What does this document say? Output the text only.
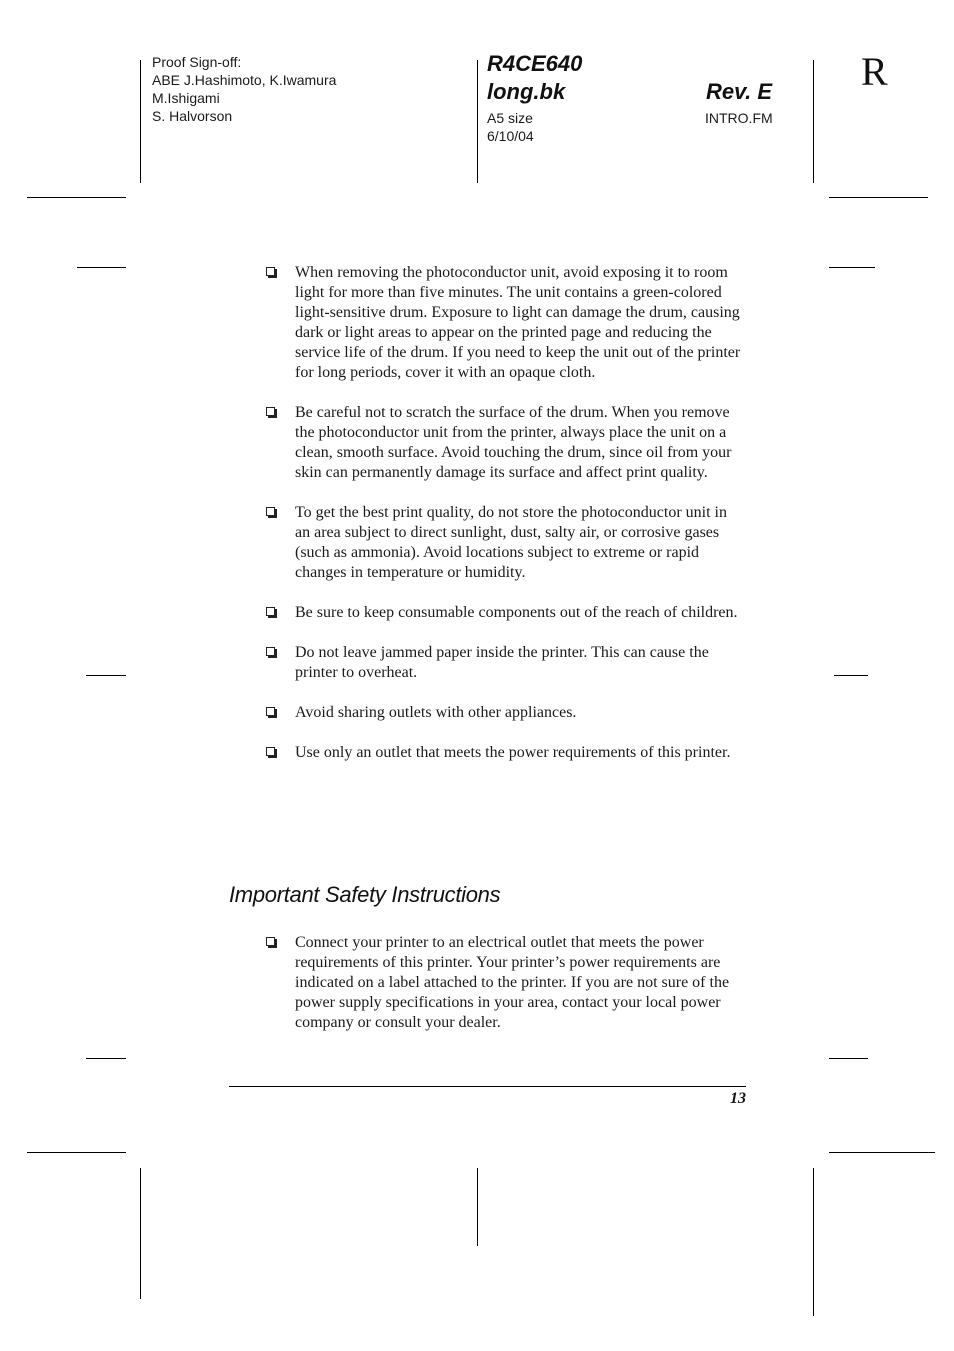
Proof Sign-off:
ABE J.Hashimoto, K.Iwamura
M.Ishigami
S. Halvorson
R4CE640
long.bk
A5 size
6/10/04
Rev. E
INTRO.FM
R
When removing the photoconductor unit, avoid exposing it to room light for more than five minutes. The unit contains a green-colored light-sensitive drum. Exposure to light can damage the drum, causing dark or light areas to appear on the printed page and reducing the service life of the drum. If you need to keep the unit out of the printer for long periods, cover it with an opaque cloth.
Be careful not to scratch the surface of the drum. When you remove the photoconductor unit from the printer, always place the unit on a clean, smooth surface. Avoid touching the drum, since oil from your skin can permanently damage its surface and affect print quality.
To get the best print quality, do not store the photoconductor unit in an area subject to direct sunlight, dust, salty air, or corrosive gases (such as ammonia). Avoid locations subject to extreme or rapid changes in temperature or humidity.
Be sure to keep consumable components out of the reach of children.
Do not leave jammed paper inside the printer. This can cause the printer to overheat.
Avoid sharing outlets with other appliances.
Use only an outlet that meets the power requirements of this printer.
Important Safety Instructions
Connect your printer to an electrical outlet that meets the power requirements of this printer. Your printer’s power requirements are indicated on a label attached to the printer. If you are not sure of the power supply specifications in your area, contact your local power company or consult your dealer.
13
